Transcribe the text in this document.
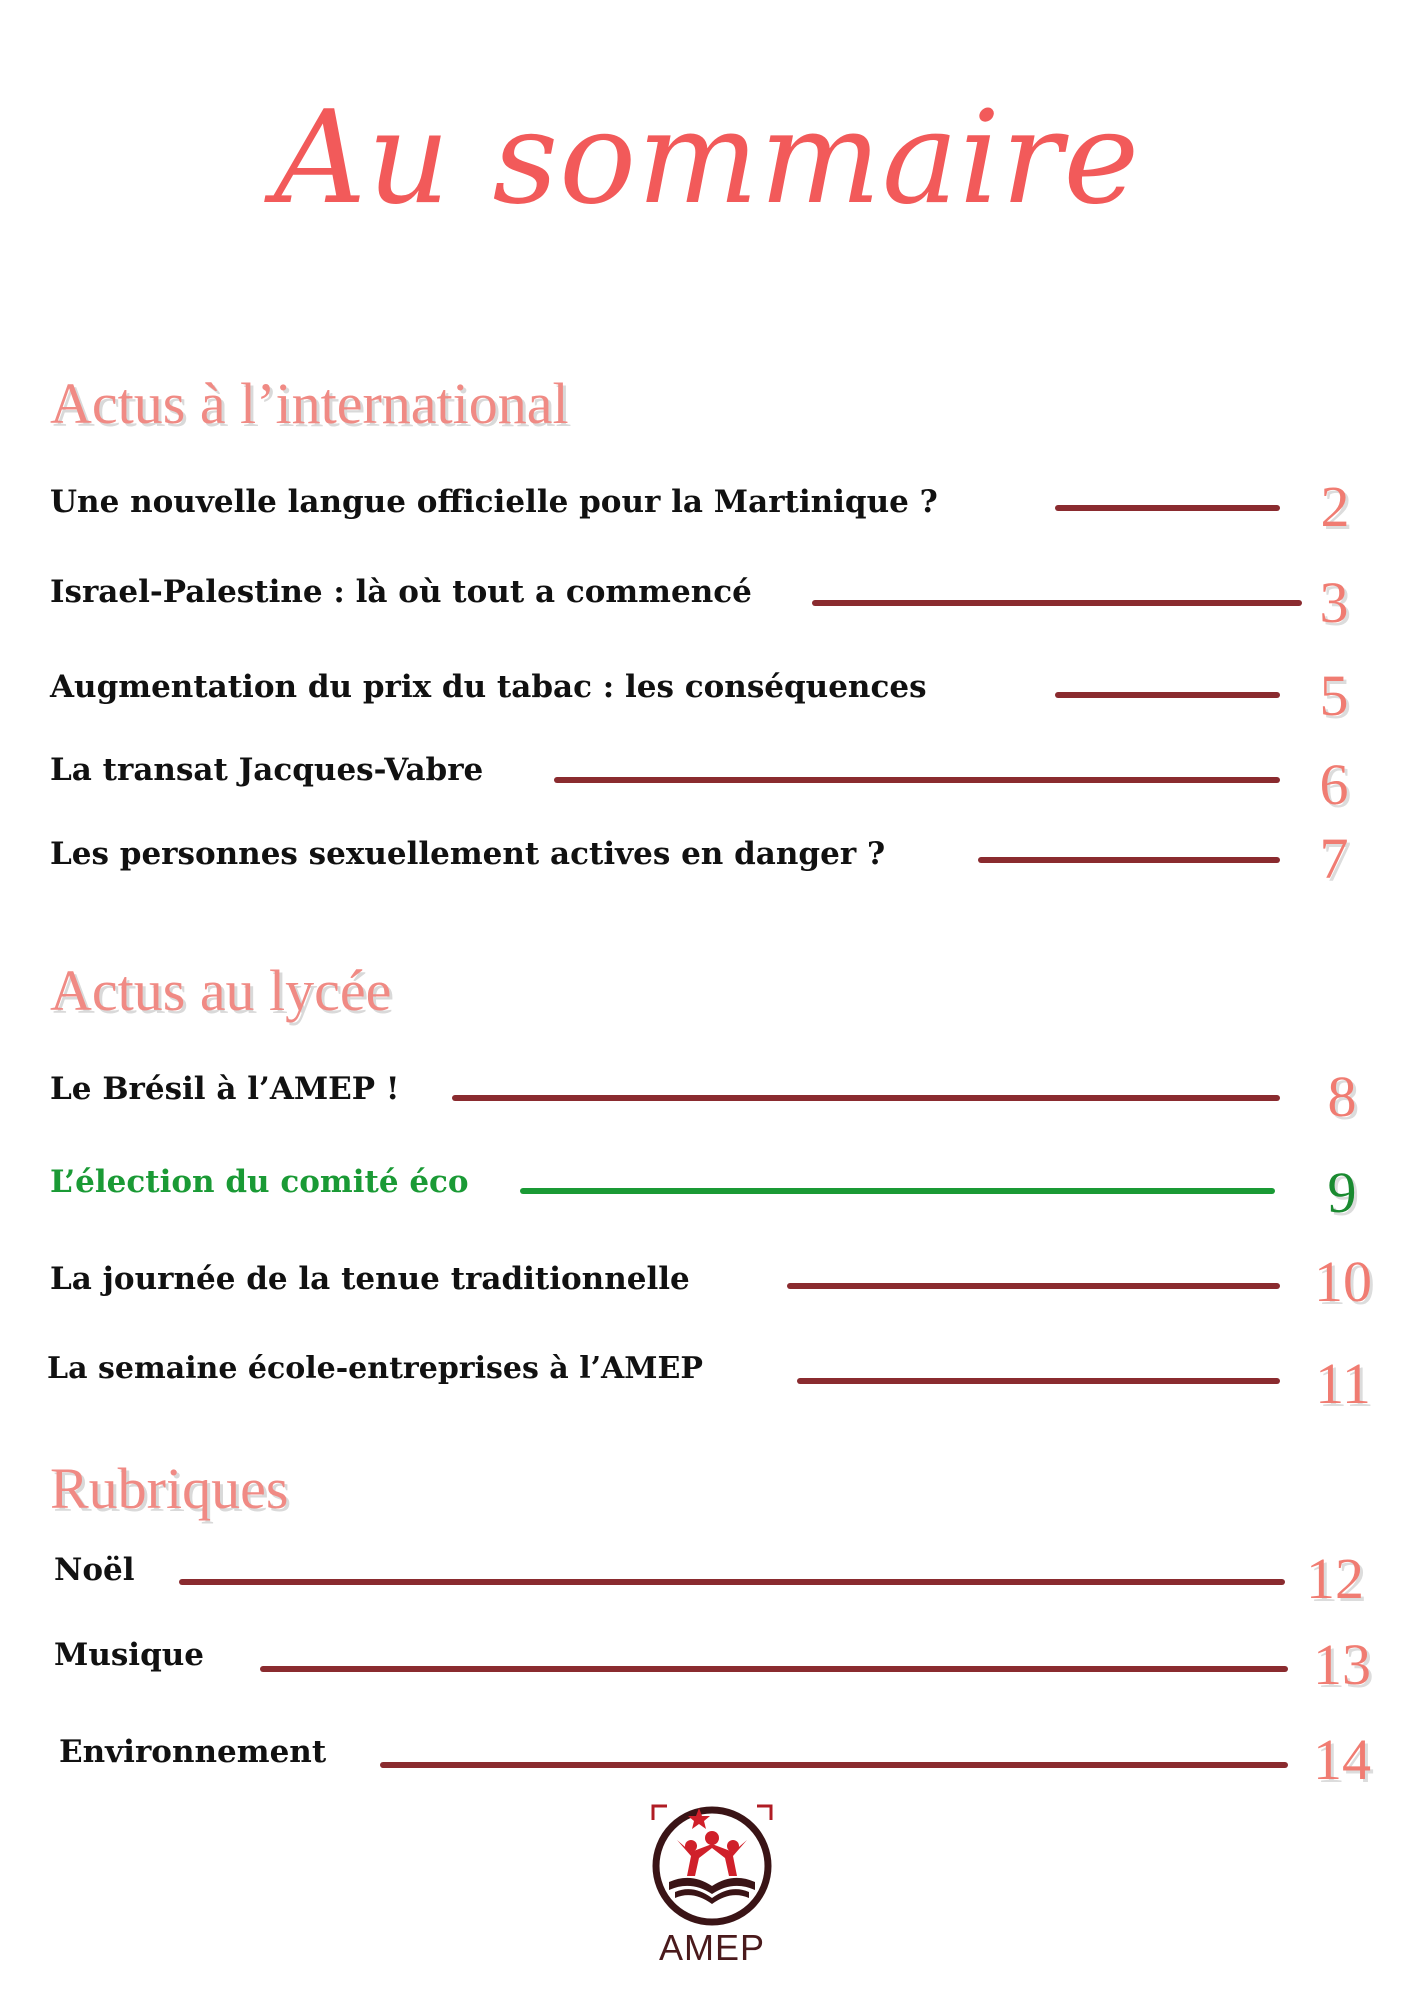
Au sommaire
Actus à l’international
Une nouvelle langue officielle pour la Martinique ?	2
Israel-Palestine : là où tout a commencé	3
Augmentation du prix du tabac : les conséquences	5
La transat Jacques-Vabre	6
Les personnes sexuellement actives en danger ?	7
Actus au lycée
Le Brésil à l’AMEP !	8
L’élection du comité éco	9
La journée de la tenue traditionnelle	10
La semaine école-entreprises à l’AMEP	11
Rubriques
Noël	12
Musique	13
Environnement	14
AMEP
